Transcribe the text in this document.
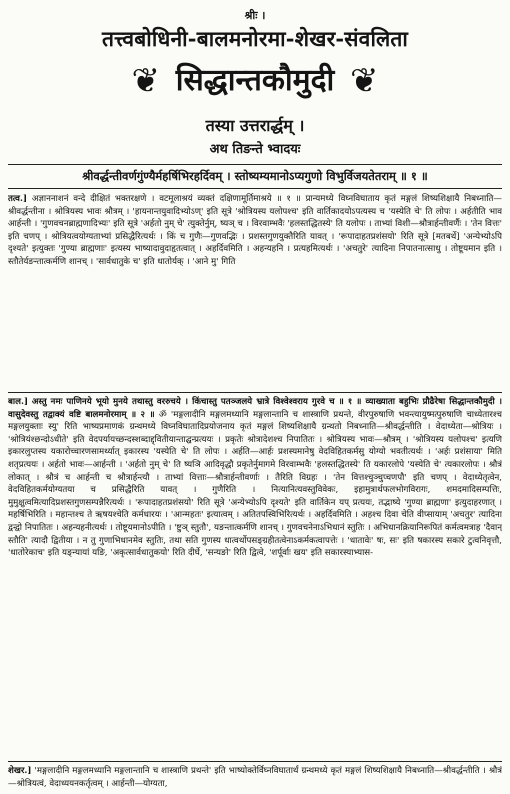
श्रीः ।
तत्त्वबोधिनी-बालमनोरमा-शेखर-संवलिता
❦ सिद्धान्तकौमुदी ❦
तस्या उत्तरार्द्धम् ।
अथ तिङन्ते भ्वादयः
श्रीवर्द्धन्तीवर्णगुंण्यैर्महर्षिभिरहर्दिवम् । स्तोष्यम्यमानोऽप्यगुणो विभुर्विजयतेतराम् ॥ १ ॥
तत्व.] अज्ञाननाशनं वन्दे दीक्षितं भक्तरक्षणे । वटमूलाश्रयं व्यक्तं दक्षिणामूर्तिमाश्रये ॥ १ ॥ प्रान्यमध्ये विघ्नविघाताय कृतं मङ्गलं शिष्यशिक्षायै निबध्नाति—श्रीवर्द्धन्तीना । श्रोत्रियस्य भावः श्रौत्रम् । 'हायनान्तयुवादिभ्योऽण्' इति सूत्रे 'श्रोत्रियस्य यलोपश्च' इति वार्तिकादयोऽपत्यस्य च 'यस्येति चे' ति लोपः । अर्हतीति भाव आर्हन्ती । 'गुणवचनब्राह्मणादिभ्यः' इति सूत्रे 'अर्हतो नुम् चे' त्युक्तेर्नुम्, ष्यञ् च । विरवाम्भवैः 'हलस्तद्धितस्ये' ति यलोपः । ताभ्यां विशी—श्रौत्रार्हन्तीवर्णैः । 'तेन वित्तः' इति चणप् । श्रोत्रियत्वयोग्यताभ्यां प्रसिद्धैरित्यर्थः । किं च गुणैः—गुणवद्भिः । प्रशस्तगुणयुक्तैरिति यावत् । 'रूपादाहतप्रशंसयो' रिति सूत्रे [मतबर्थे] 'अन्येभ्योऽपि दृश्यते' इत्युक्तः 'गुण्या ब्राह्मणाः' इत्यस्य भाष्यादावुदाहृतत्वात् । अहर्दिवमिति । अहन्यहनि । प्रत्यहमित्यर्थः । 'अचतुरे' त्यादिना निपातनात्साधु । तोष्टूयमान इति । स्तौतेर्यङन्तात्कर्मणि शानच् । 'सार्वधातुके च' इति धातोर्यक् । 'आने मु' गिति
बाल.] अस्तु नमः पाणिनये भूयो मुनये तथास्तु वररुचये । किंचास्तु पतञ्जलये भ्रात्रे विश्वेश्वराय गुरवे च ॥ १ ॥ व्याख्याता बहुभिः प्रौढैरेषा सिद्धान्तकौमुदी । वासुदेवस्तु तद्वाक्यं वष्टि बालमनोरमाम् ॥ २ ॥ ॐ 'मङ्गलादीनि मङ्गलमध्यानि मङ्गलान्तानि च शास्त्राणि प्रथन्ते, वीरपुरुषाणि भवन्त्यायुष्मत्पुरुषाणि चाध्येतारश्च मङ्गलयुक्ताः स्यु' रिति भाष्यप्रमाणकं ग्रन्थमध्ये विघ्नविघातादिप्रयोजनाय कृतं मङ्गलं शिष्यशिक्षायै ग्रन्थतो निबध्नाति—श्रीवर्द्धन्तीति । वेदाध्येता—श्रोत्रियः । 'श्रोत्रियंश्छन्दोऽधीते' इति वेदपर्यायच्छन्दस्शब्दाद्द्वितीयान्ताद्घन्प्रत्ययः । प्रकृतेः श्रोत्रादेशश्च निपातितः । श्रोत्रियस्य भावः—श्रौत्रम् । 'श्रोत्रियस्य यलोपश्च' इत्यणि इकारलुप्तस्य यकारोच्चारणसामर्थ्यात् इकारस्य 'यस्येति चे' ति लोपः । अर्हति—आर्हः प्रशस्यमानेषु वेदविहितकर्मसु योग्यो भवतीत्यर्थः । 'अर्हः प्रशंसाया' मिति शतृप्रत्ययः । अर्हतो भावः—आर्हन्ती । 'अर्हतो नुम् चे' ति ष्यञि आदिवृद्धौ प्रकृतेर्नुमागमे विरवाम्भवैः 'हलस्तद्धितस्ये' ति यकारलोपे 'यस्येति चे' त्यकारलोपः । श्रौत्रं लोकात् । श्रौत्रं च आर्हन्ती च श्रौत्रार्हन्त्यौ । ताभ्यां वित्ताः—श्रौत्रार्हन्तीवर्णाः । तैरिति विग्रहः । 'तेन वित्तश्चुञ्चुप्चणपौ' इति चणप् । वेदाध्येतृत्वेन, वेदविहितकर्मयोग्यतया च प्रसिद्धैरिति यावत् । गुणैरिति । नित्यानित्यवस्तुविवेकः, इहामुत्रार्थफलभोगविरागः, शमदमादिसम्पत्तिः, मुमुक्षुत्वमित्यादिप्रशस्तगुणसम्पन्नैरित्यर्थः । 'रूपादाहतप्रशंसयो' रिति सूत्रे 'अन्येभ्योऽपि दृश्यते' इति वार्तिकेन यप् प्रत्ययः, तद्भाष्ये 'गुण्या ब्राह्मणा' इत्युदाहरणात् । महर्षिभिरिति । महान्तश्च ते ऋषयश्चेति कर्मधारयः । 'आन्महतः' इत्यात्वम् । अतितपस्विभिरित्यर्थः । अहर्दिवमिति । अहश्च दिवा चेति वीप्सायाम् 'अचतुर' त्यादिना द्वन्द्वो निपातितः । अहन्यहनीत्यर्थः । तोष्टूयमानोऽपीति । 'ष्टुञ् स्तुतौ', यङन्तात्कर्मणि शानच् । गुणवचनेनाऽभिधानं स्तुतिः । अभिधानक्रियानिरूपितं कर्मत्वमत्राह 'दैवान् स्तौति' त्यादौ द्वितीया । न तु गुणाभिधानमेव स्तुतिः, तथा सति गुणस्य धात्वर्थोपसङ्ग्रहीतत्वेनाऽकर्मकत्वापत्तेः । 'धातावेः' षः, सः' इति षकारस्य सकारे टुत्वनिवृत्तौ, 'धातोरेकाच' इति यङ्न्यायां यङि, 'अकृत्सार्वधातुकयो' रिति दीर्घे, 'सन्यङो' रिति द्वित्वे, 'शर्पूर्वाः खय' इति सकारस्याभ्यास-
शेखर.] 'मङ्गलादीनि मङ्गलमध्यानि मङ्गलान्तानि च शास्त्राणि प्रथन्ते' इति भाष्योक्तेर्विघ्नविघातार्थं ग्रन्थमध्ये कृतं मङ्गलं शिष्यशिक्षायै निबध्नाति—श्रीवर्द्धन्तीति । श्रौत्रं—श्रोत्रियत्वं, वेदाध्ययनकर्तृत्वम् । आर्हन्ती—योग्यता,
